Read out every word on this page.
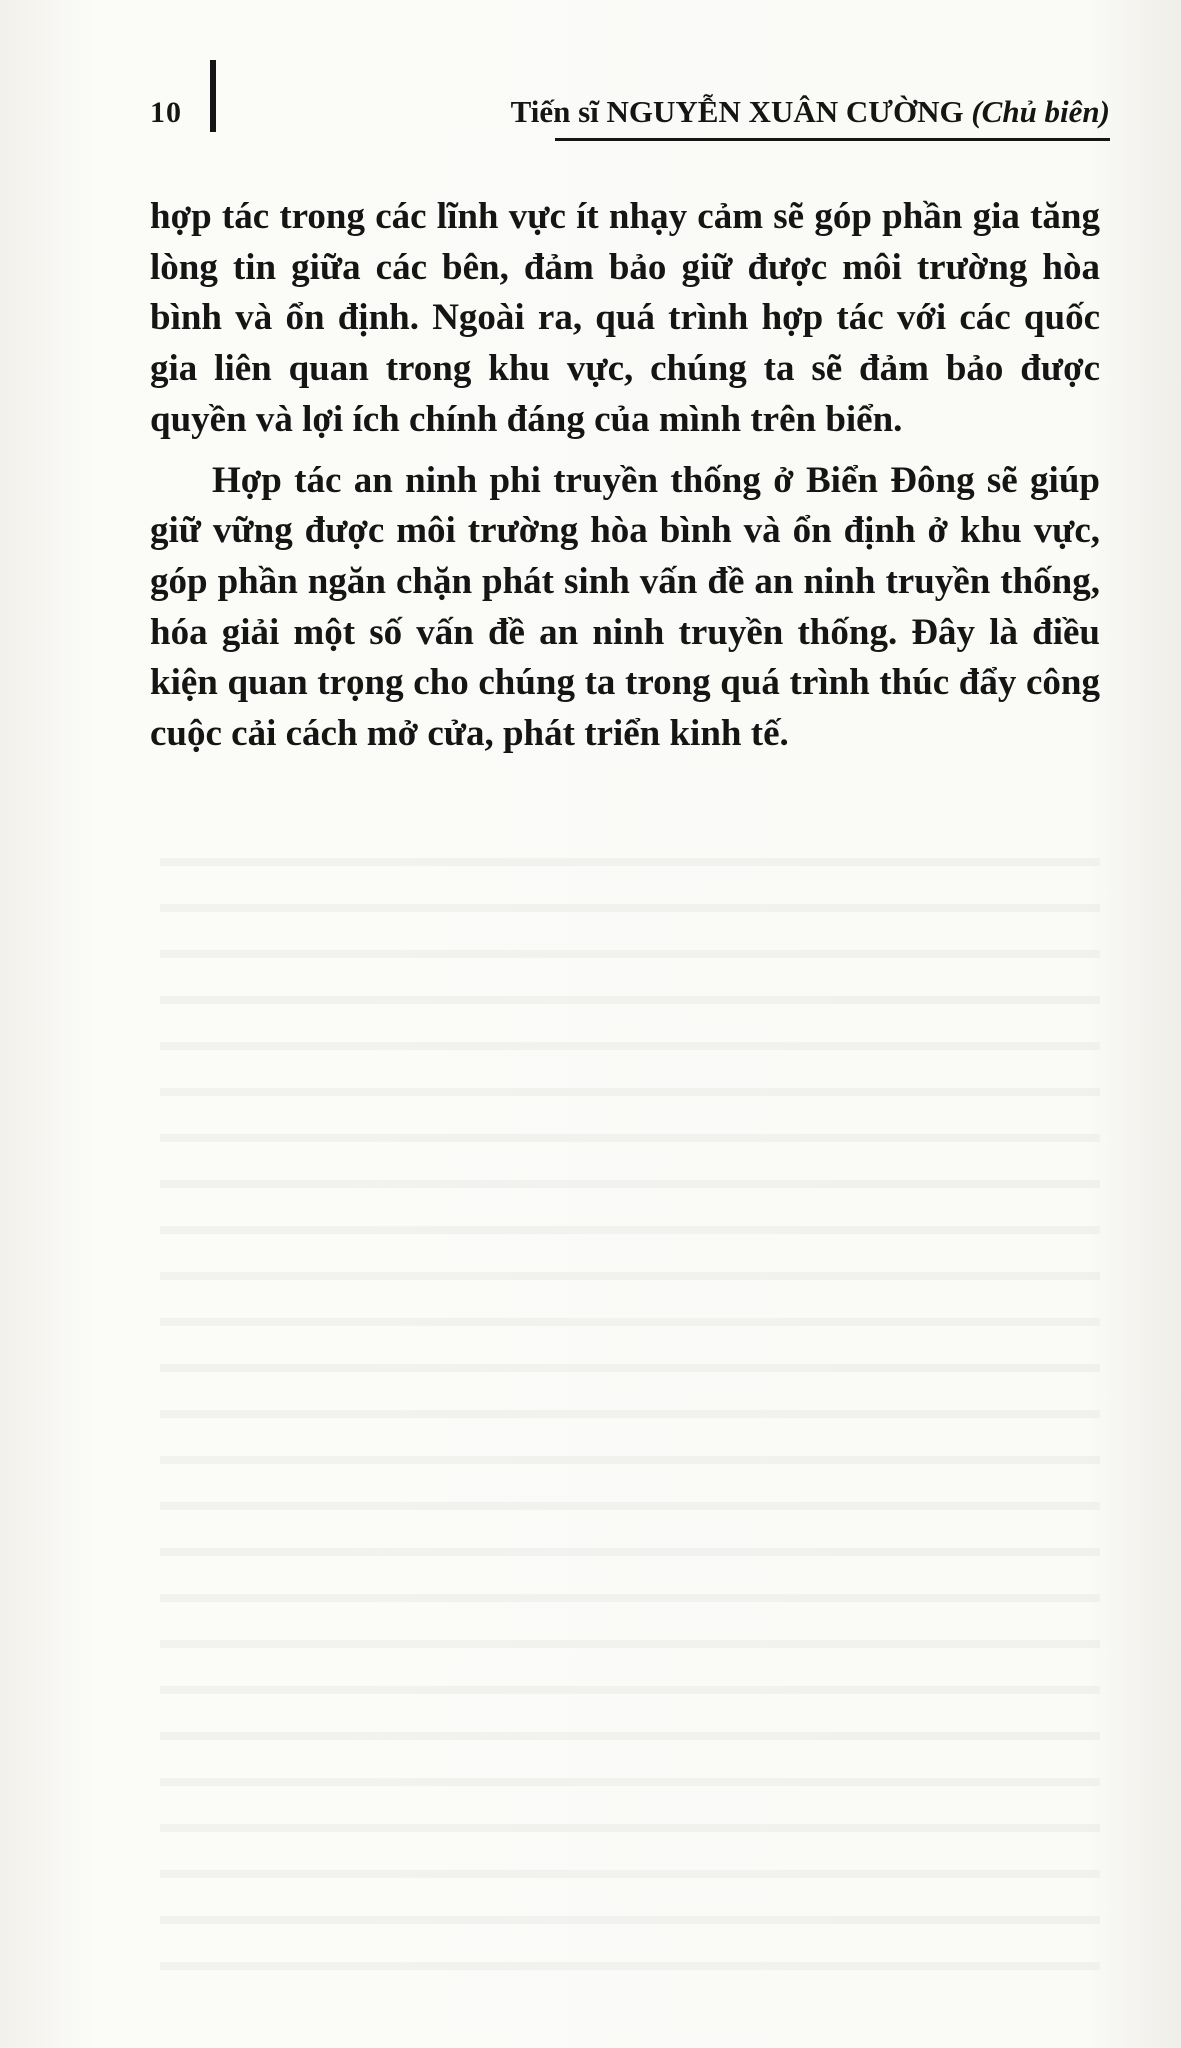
10	Tiến sĩ NGUYỄN XUÂN CƯỜNG (Chủ biên)

hợp tác trong các lĩnh vực ít nhạy cảm sẽ góp phần gia tăng lòng tin giữa các bên, đảm bảo giữ được môi trường hòa bình và ổn định. Ngoài ra, quá trình hợp tác với các quốc gia liên quan trong khu vực, chúng ta sẽ đảm bảo được quyền và lợi ích chính đáng của mình trên biển.

Hợp tác an ninh phi truyền thống ở Biển Đông sẽ giúp giữ vững được môi trường hòa bình và ổn định ở khu vực, góp phần ngăn chặn phát sinh vấn đề an ninh truyền thống, hóa giải một số vấn đề an ninh truyền thống. Đây là điều kiện quan trọng cho chúng ta trong quá trình thúc đẩy công cuộc cải cách mở cửa, phát triển kinh tế.
